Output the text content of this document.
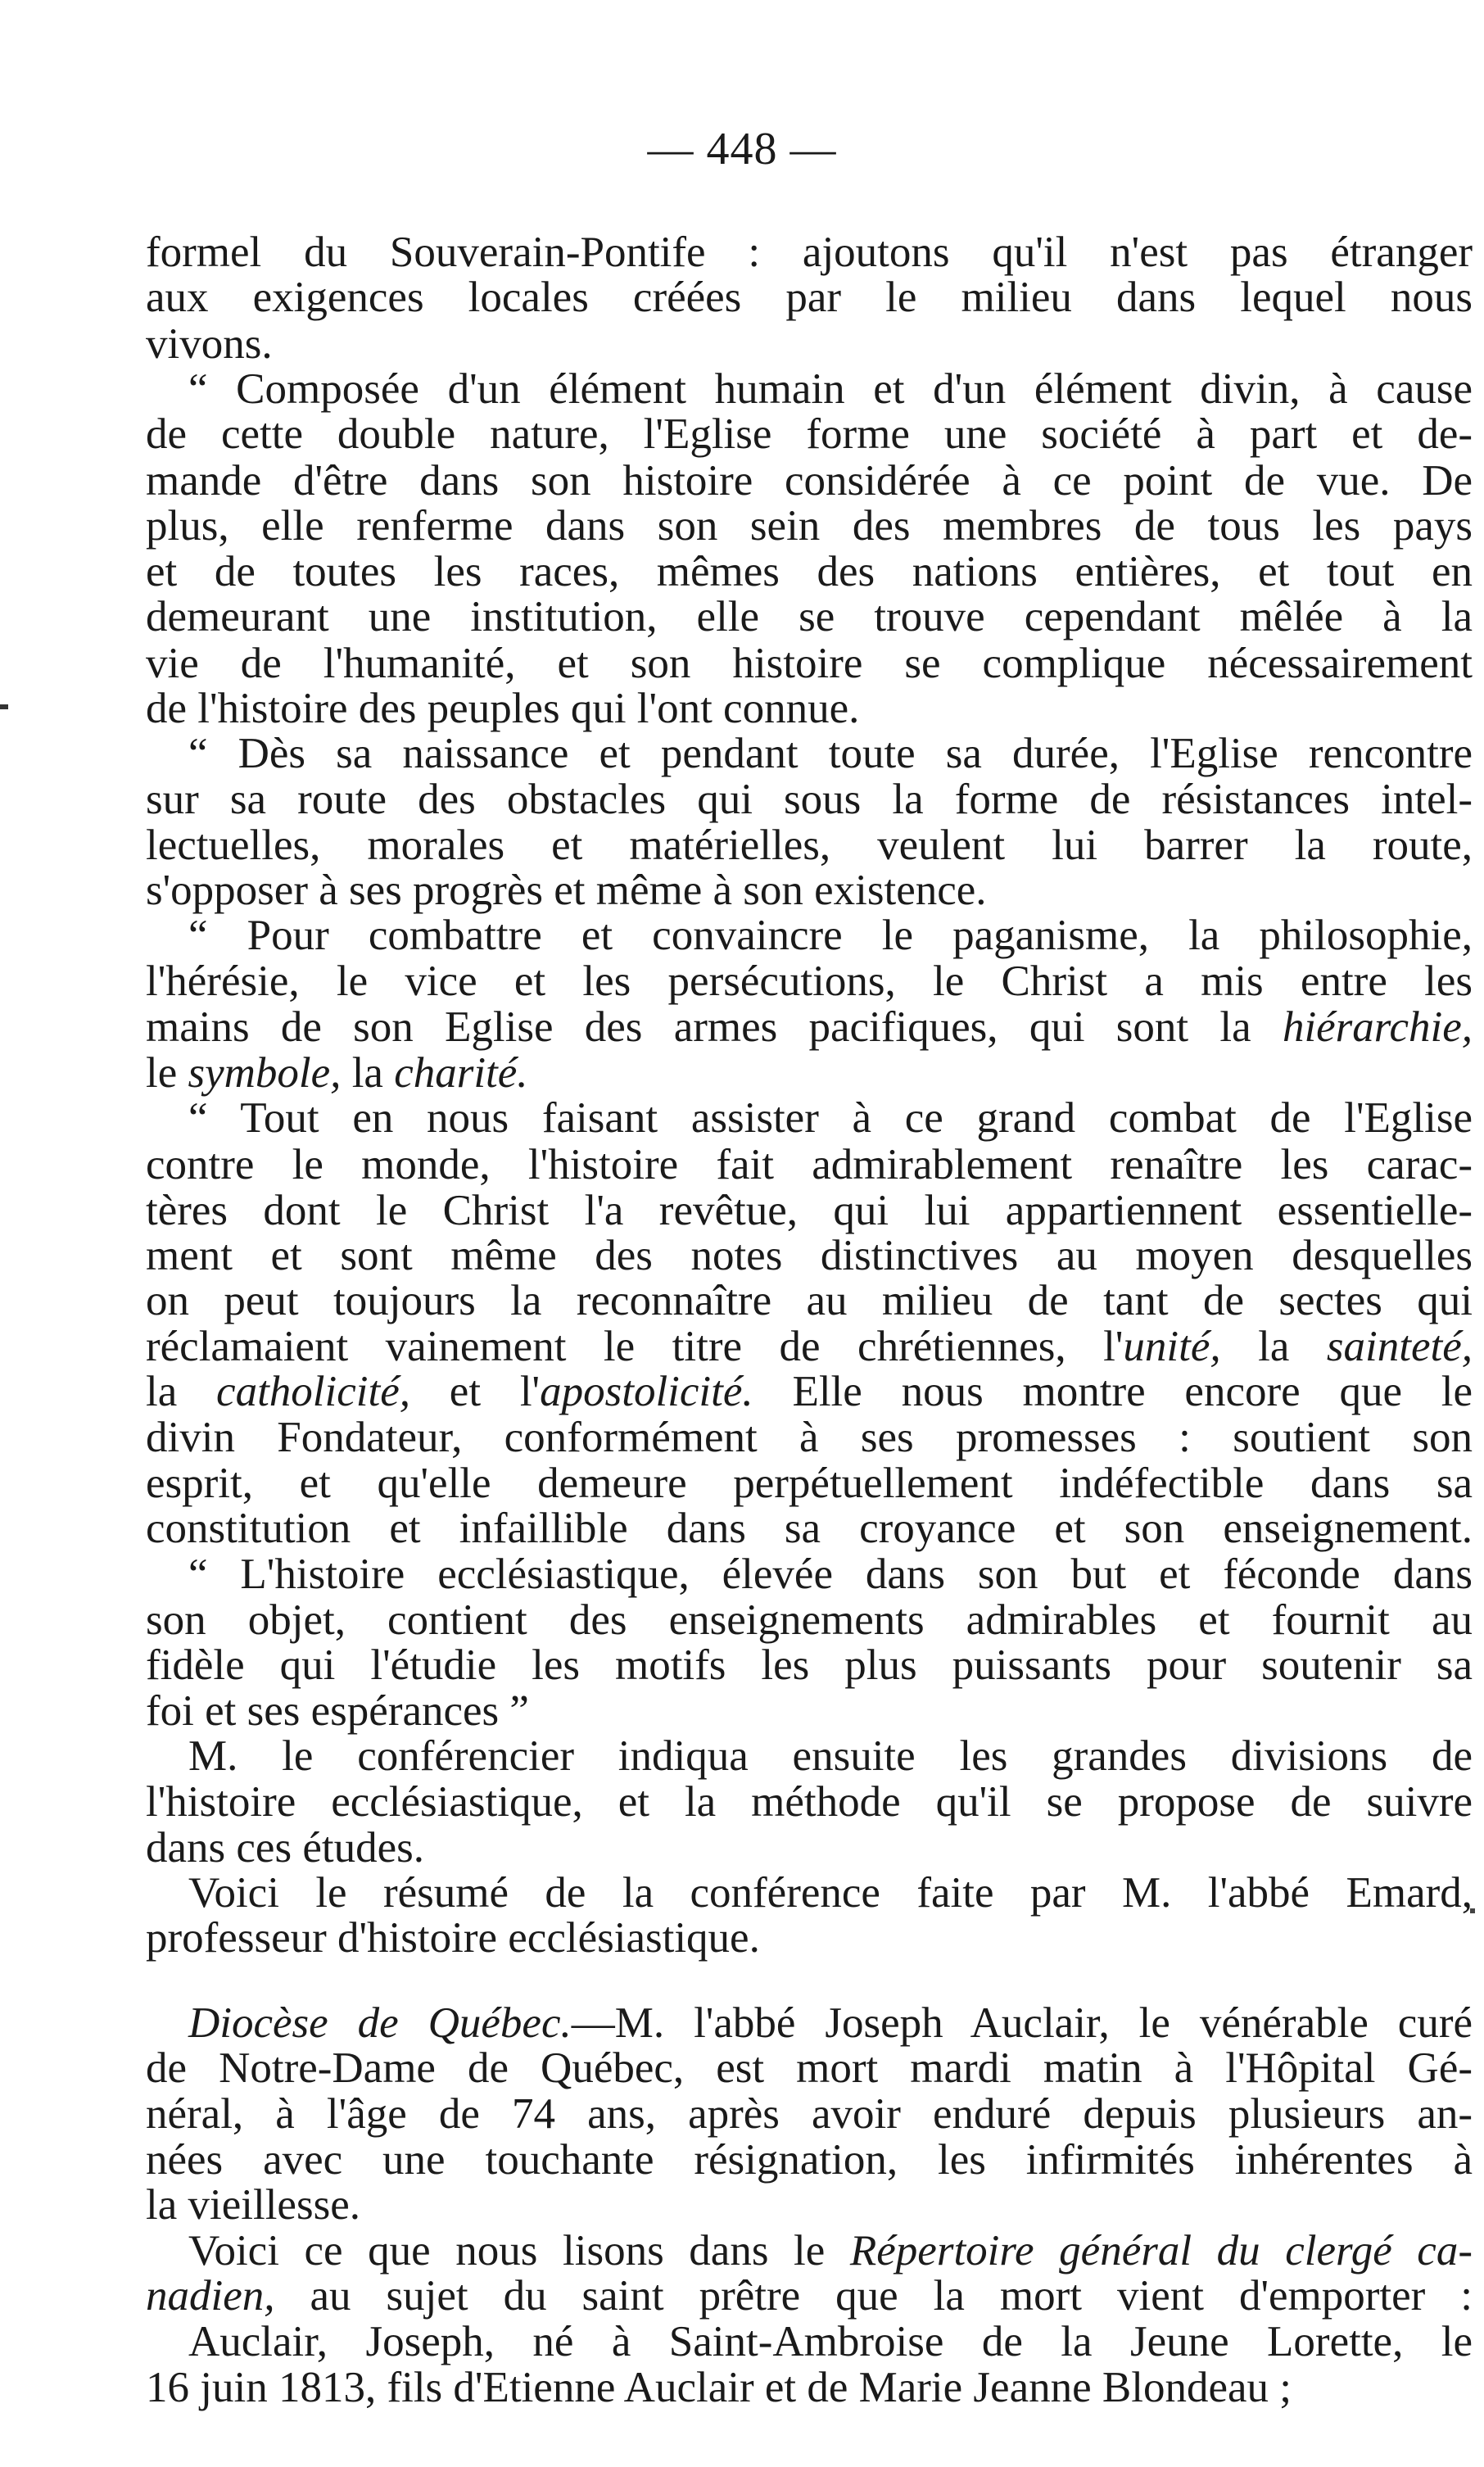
— 448 —
formel du Souverain-Pontife : ajoutons qu'il n'est pas étranger
aux exigences locales créées par le milieu dans lequel nous
vivons.
“ Composée d'un élément humain et d'un élément divin, à cause
de cette double nature, l'Eglise forme une société à part et de-
mande d'être dans son histoire considérée à ce point de vue. De
plus, elle renferme dans son sein des membres de tous les pays
et de toutes les races, mêmes des nations entières, et tout en
demeurant une institution, elle se trouve cependant mêlée à la
vie de l'humanité, et son histoire se complique nécessairement
de l'histoire des peuples qui l'ont connue.
“ Dès sa naissance et pendant toute sa durée, l'Eglise rencontre
sur sa route des obstacles qui sous la forme de résistances intel-
lectuelles, morales et matérielles, veulent lui barrer la route,
s'opposer à ses progrès et même à son existence.
“ Pour combattre et convaincre le paganisme, la philosophie,
l'hérésie, le vice et les persécutions, le Christ a mis entre les
mains de son Eglise des armes pacifiques, qui sont la hiérarchie,
le symbole, la charité.
“ Tout en nous faisant assister à ce grand combat de l'Eglise
contre le monde, l'histoire fait admirablement renaître les carac-
tères dont le Christ l'a revêtue, qui lui appartiennent essentielle-
ment et sont même des notes distinctives au moyen desquelles
on peut toujours la reconnaître au milieu de tant de sectes qui
réclamaient vainement le titre de chrétiennes, l'unité, la sainteté,
la catholicité, et l'apostolicité. Elle nous montre encore que le
divin Fondateur, conformément à ses promesses : soutient son
esprit, et qu'elle demeure perpétuellement indéfectible dans sa
constitution et infaillible dans sa croyance et son enseignement.
“ L'histoire ecclésiastique, élevée dans son but et féconde dans
son objet, contient des enseignements admirables et fournit au
fidèle qui l'étudie les motifs les plus puissants pour soutenir sa
foi et ses espérances ”
M. le conférencier indiqua ensuite les grandes divisions de
l'histoire ecclésiastique, et la méthode qu'il se propose de suivre
dans ces études.
Voici le résumé de la conférence faite par M. l'abbé Emard,
professeur d'histoire ecclésiastique.
Diocèse de Québec.—M. l'abbé Joseph Auclair, le vénérable curé
de Notre-Dame de Québec, est mort mardi matin à l'Hôpital Gé-
néral, à l'âge de 74 ans, après avoir enduré depuis plusieurs an-
nées avec une touchante résignation, les infirmités inhérentes à
la vieillesse.
Voici ce que nous lisons dans le Répertoire général du clergé ca-
nadien, au sujet du saint prêtre que la mort vient d'emporter :
Auclair, Joseph, né à Saint-Ambroise de la Jeune Lorette, le
16 juin 1813, fils d'Etienne Auclair et de Marie Jeanne Blondeau ;
